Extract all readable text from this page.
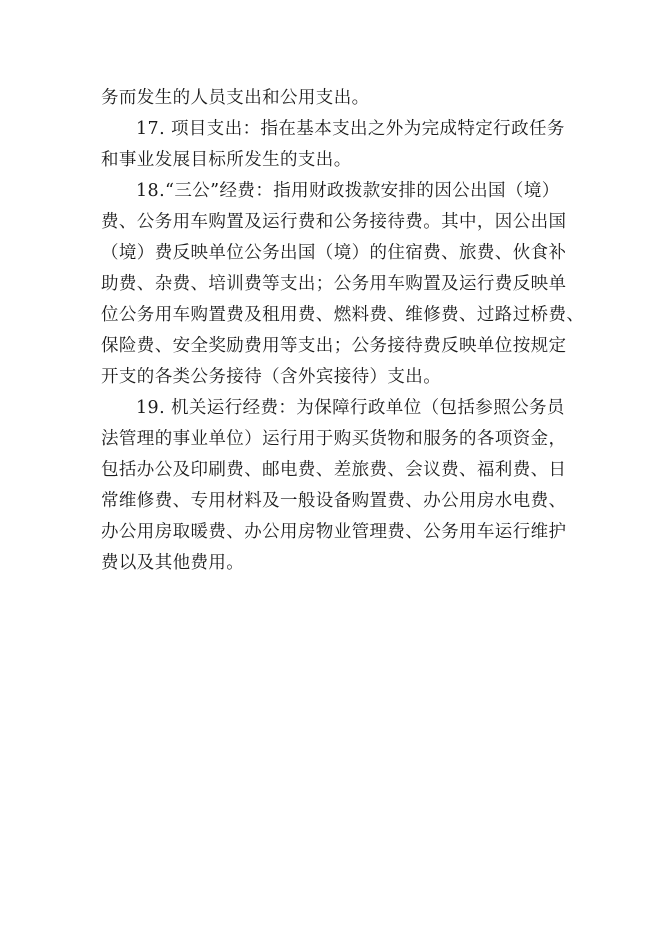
务而发生的人员支出和公用支出。
17. 项目支出：指在基本支出之外为完成特定行政任务
和事业发展目标所发生的支出。
18.“三公”经费：指用财政拨款安排的因公出国（境）
费、公务用车购置及运行费和公务接待费。其中，因公出国
（境）费反映单位公务出国（境）的住宿费、旅费、伙食补
助费、杂费、培训费等支出；公务用车购置及运行费反映单
位公务用车购置费及租用费、燃料费、维修费、过路过桥费、
保险费、安全奖励费用等支出；公务接待费反映单位按规定
开支的各类公务接待（含外宾接待）支出。
19. 机关运行经费：为保障行政单位（包括参照公务员
法管理的事业单位）运行用于购买货物和服务的各项资金，
包括办公及印刷费、邮电费、差旅费、会议费、福利费、日
常维修费、专用材料及一般设备购置费、办公用房水电费、
办公用房取暖费、办公用房物业管理费、公务用车运行维护
费以及其他费用。
